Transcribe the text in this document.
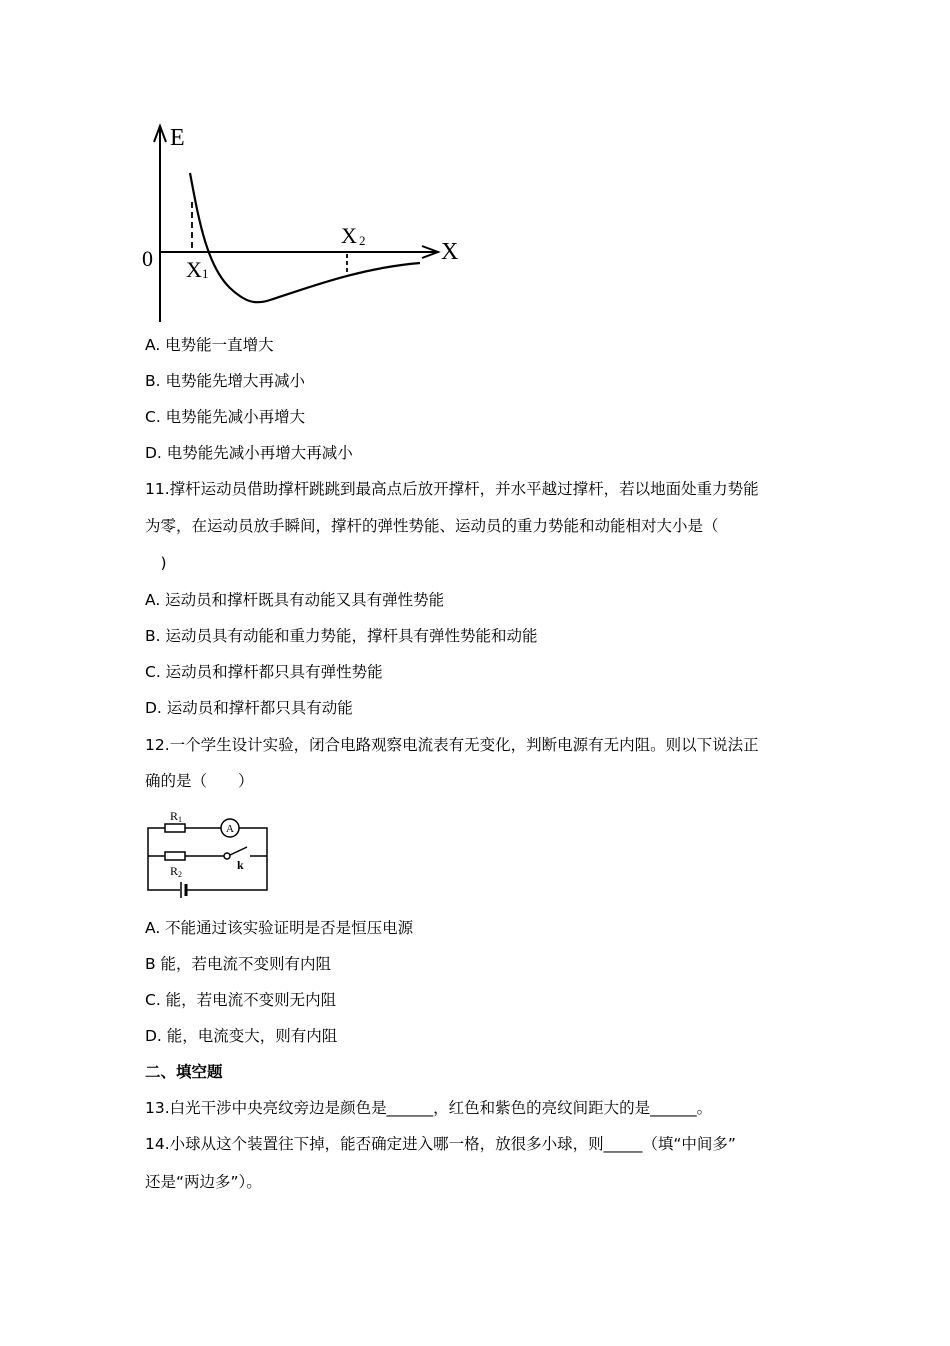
E
X
0 X 1
X 2
R 1
A
R 2
k
A. 电势能一直增大
B. 电势能先增大再减小
C. 电势能先减小再增大
D. 电势能先减小再增大再减小
11.撑杆运动员借助撑杆跳跳到最高点后放开撑杆，并水平越过撑杆，若以地面处重力势能
为零，在运动员放手瞬间，撑杆的弹性势能、运动员的重力势能和动能相对大小是（
　)
A. 运动员和撑杆既具有动能又具有弹性势能
B. 运动员具有动能和重力势能，撑杆具有弹性势能和动能
C. 运动员和撑杆都只具有弹性势能
D. 运动员和撑杆都只具有动能
12.一个学生设计实验，闭合电路观察电流表有无变化，判断电源有无内阻。则以下说法正
确的是（　　）
A. 不能通过该实验证明是否是恒压电源
B 能，若电流不变则有内阻
C. 能，若电流不变则无内阻
D. 能，电流变大，则有内阻
二、填空题
13.白光干涉中央亮纹旁边是颜色是______，红色和紫色的亮纹间距大的是______。
14.小球从这个装置往下掉，能否确定进入哪一格，放很多小球，则_____（填“中间多”
还是“两边多”）。
